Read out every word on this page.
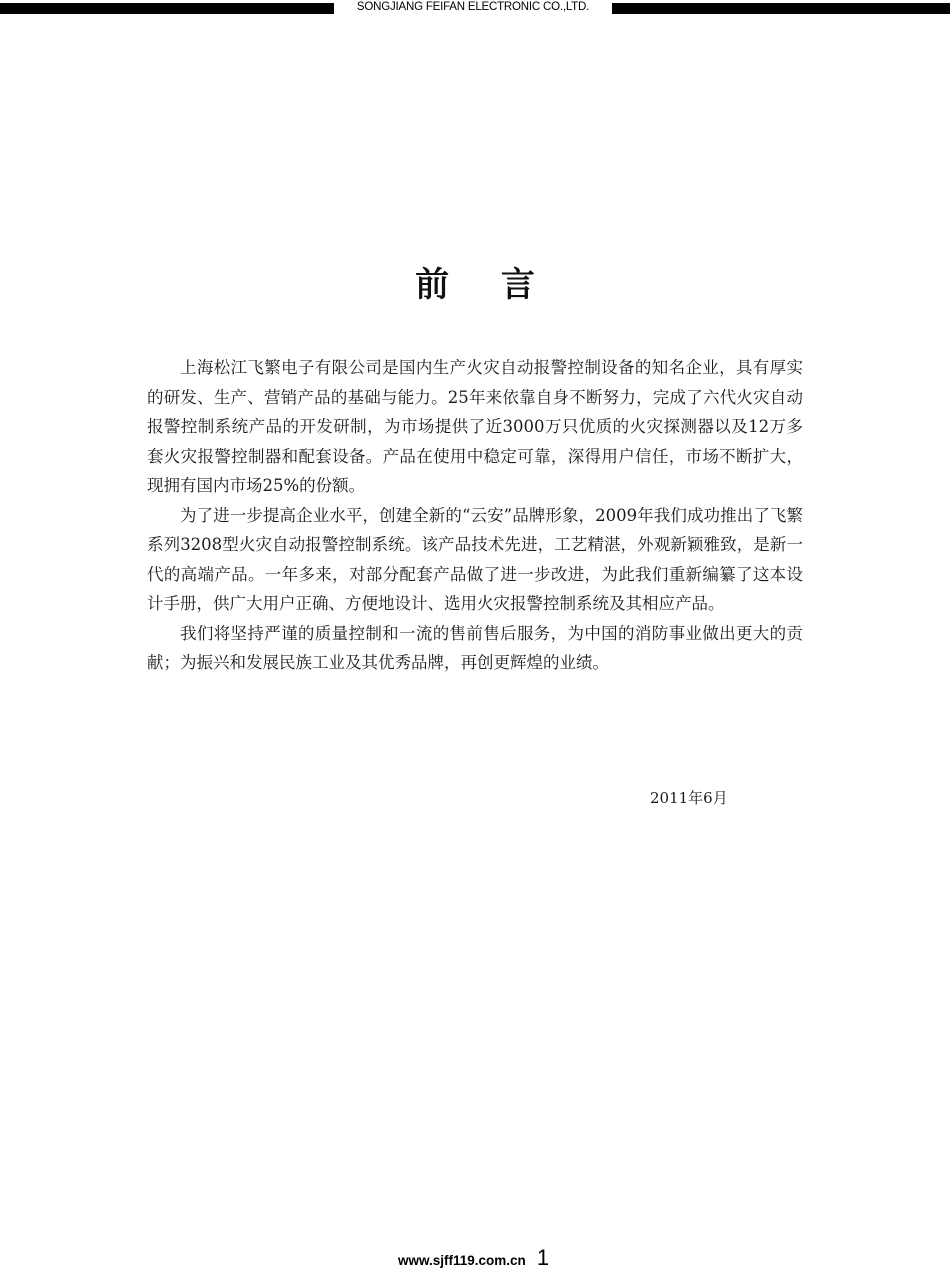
SONGJIANG FEIFAN ELECTRONIC CO.,LTD.
前 言

上海松江飞繁电子有限公司是国内生产火灾自动报警控制设备的知名企业，具有厚实的研发、生产、营销产品的基础与能力。25年来依靠自身不断努力，完成了六代火灾自动报警控制系统产品的开发研制，为市场提供了近3000万只优质的火灾探测器以及12万多套火灾报警控制器和配套设备。产品在使用中稳定可靠，深得用户信任，市场不断扩大，现拥有国内市场25%的份额。

为了进一步提高企业水平，创建全新的“云安”品牌形象，2009年我们成功推出了飞繁系列3208型火灾自动报警控制系统。该产品技术先进，工艺精湛，外观新颖雅致，是新一代的高端产品。一年多来，对部分配套产品做了进一步改进，为此我们重新编纂了这本设计手册，供广大用户正确、方便地设计、选用火灾报警控制系统及其相应产品。

我们将坚持严谨的质量控制和一流的售前售后服务，为中国的消防事业做出更大的贡献；为振兴和发展民族工业及其优秀品牌，再创更辉煌的业绩。

2011年6月
www.sjff119.com.cn 1
